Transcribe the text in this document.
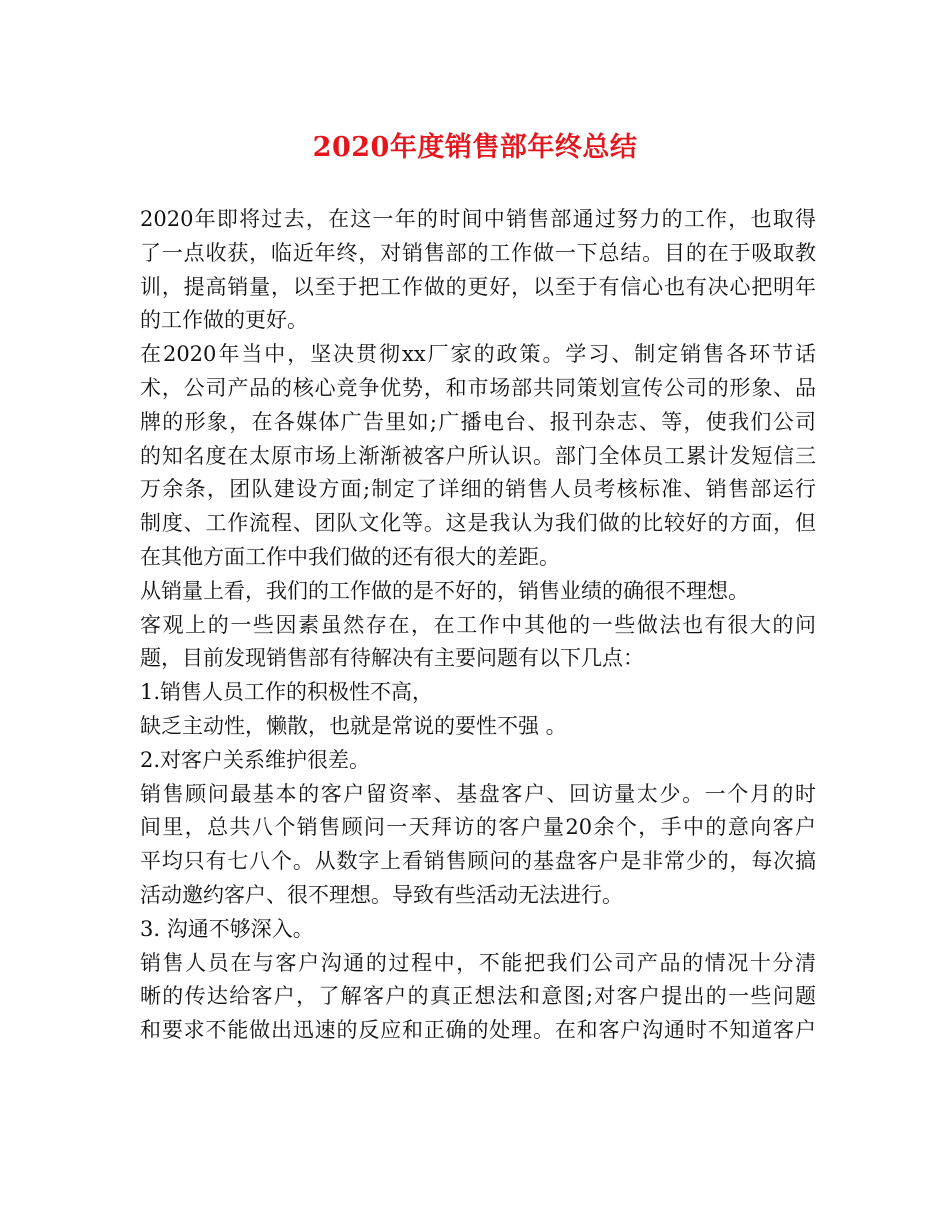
2020年度销售部年终总结
2020年即将过去，在这一年的时间中销售部通过努力的工作，也取得
了一点收获，临近年终，对销售部的工作做一下总结。目的在于吸取教
训，提高销量，以至于把工作做的更好，以至于有信心也有决心把明年
的工作做的更好。
在2020年当中，坚决贯彻xx厂家的政策。学习、制定销售各环节话
术，公司产品的核心竞争优势，和市场部共同策划宣传公司的形象、品
牌的形象，在各媒体广告里如;广播电台、报刊杂志、等，使我们公司
的知名度在太原市场上渐渐被客户所认识。部门全体员工累计发短信三
万余条，团队建设方面;制定了详细的销售人员考核标准、销售部运行
制度、工作流程、团队文化等。这是我认为我们做的比较好的方面，但
在其他方面工作中我们做的还有很大的差距。
从销量上看，我们的工作做的是不好的，销售业绩的确很不理想。
客观上的一些因素虽然存在，在工作中其他的一些做法也有很大的问
题，目前发现销售部有待解决有主要问题有以下几点：
1.销售人员工作的积极性不高，
缺乏主动性，懒散，也就是常说的要性不强 。
2.对客户关系维护很差。
销售顾问最基本的客户留资率、基盘客户、回访量太少。一个月的时
间里，总共八个销售顾问一天拜访的客户量20余个，手中的意向客户
平均只有七八个。从数字上看销售顾问的基盘客户是非常少的，每次搞
活动邀约客户、很不理想。导致有些活动无法进行。
3. 沟通不够深入。
销售人员在与客户沟通的过程中，不能把我们公司产品的情况十分清
晰的传达给客户，了解客户的真正想法和意图;对客户提出的一些问题
和要求不能做出迅速的反应和正确的处理。在和客户沟通时不知道客户
